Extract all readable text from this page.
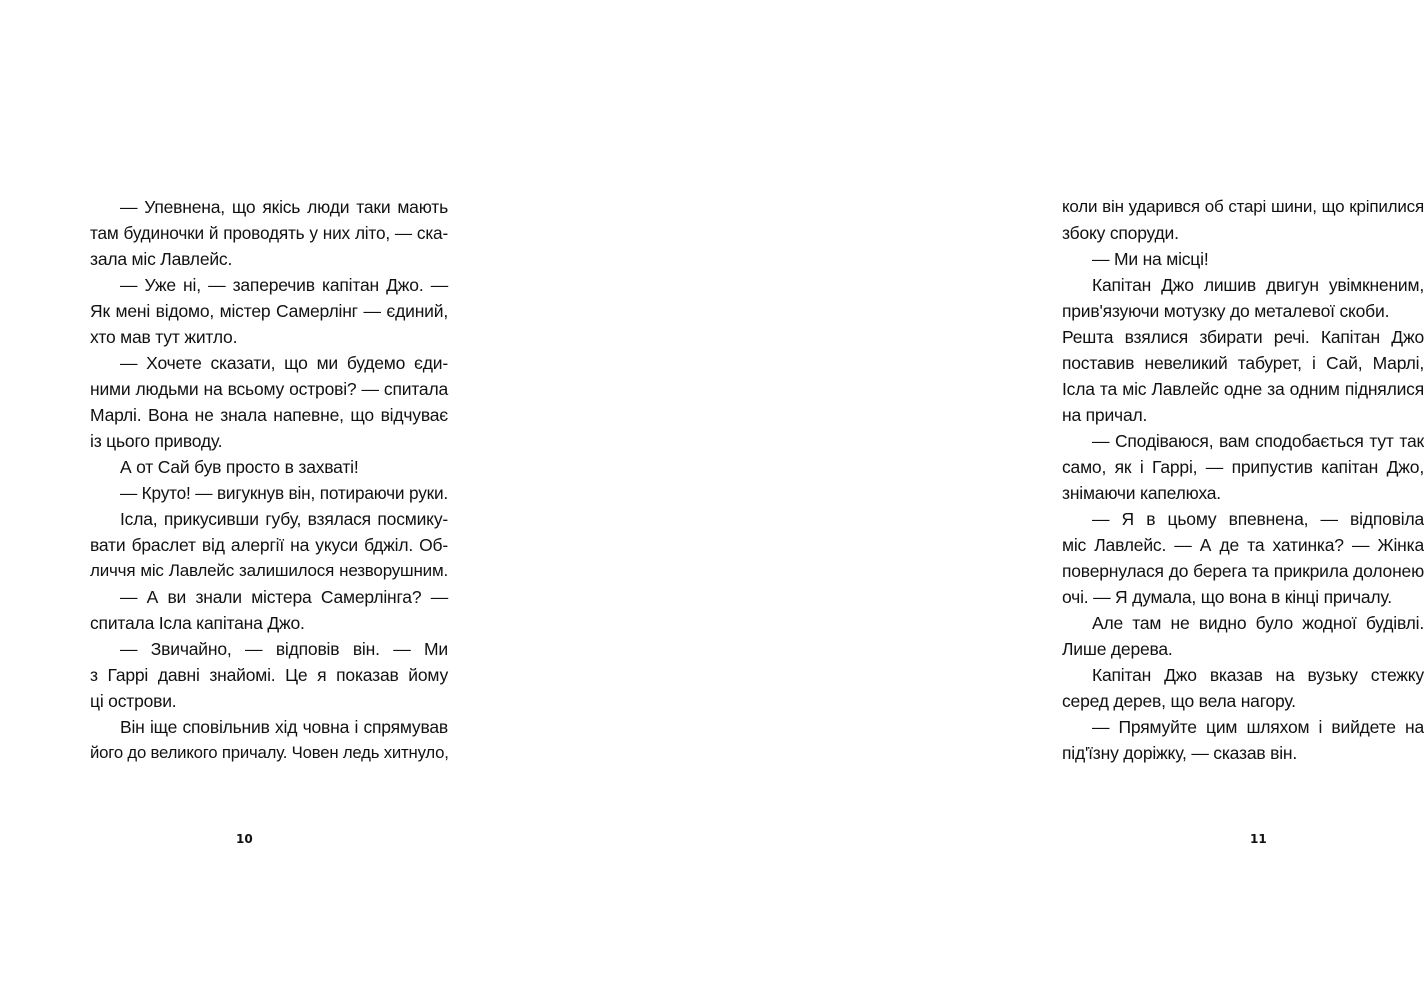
— Упевнена, що якісь люди таки мають

там будиночки й проводять у них літо, — ска-

зала міс Лавлейс.

— Уже ні, — заперечив капітан Джо. —

Як мені відомо, містер Самерлінг — єдиний,

хто мав тут житло.

— Хочете сказати, що ми будемо єди-

ними людьми на всьому острові? — спитала

Марлі. Вона не знала напевне, що відчуває

із цього приводу.

А от Сай був просто в захваті!

— Круто! — вигукнув він, потираючи руки.

Ісла, прикусивши губу, взялася посмику-

вати браслет від алергії на укуси бджіл. Об-

личчя міс Лавлейс залишилося незворушним.

— А ви знали містера Самерлінга? —

спитала Ісла капітана Джо.

— Звичайно, — відповів він. — Ми

з Гаррі давні знайомі. Це я показав йому

ці острови.

Він іще сповільнив хід човна і спрямував

його до великого причалу. Човен ледь хитнуло,

10

коли він ударився об старі шини, що кріпилися

збоку споруди.

— Ми на місці!

Капітан Джо лишив двигун увімкненим,

прив'язуючи мотузку до металевої скоби.

Решта взялися збирати речі. Капітан Джо

поставив невеликий табурет, і Сай, Марлі,

Ісла та міс Лавлейс одне за одним піднялися

на причал.

— Сподіваюся, вам сподобається тут так

само, як і Гаррі, — припустив капітан Джо,

знімаючи капелюха.

— Я в цьому впевнена, — відповіла

міс Лавлейс. — А де та хатинка? — Жінка

повернулася до берега та прикрила долонею

очі. — Я думала, що вона в кінці причалу.

Але там не видно було жодної будівлі.

Лише дерева.

Капітан Джо вказав на вузьку стежку

серед дерев, що вела нагору.

— Прямуйте цим шляхом і вийдете на

під'їзну доріжку, — сказав він.

11
